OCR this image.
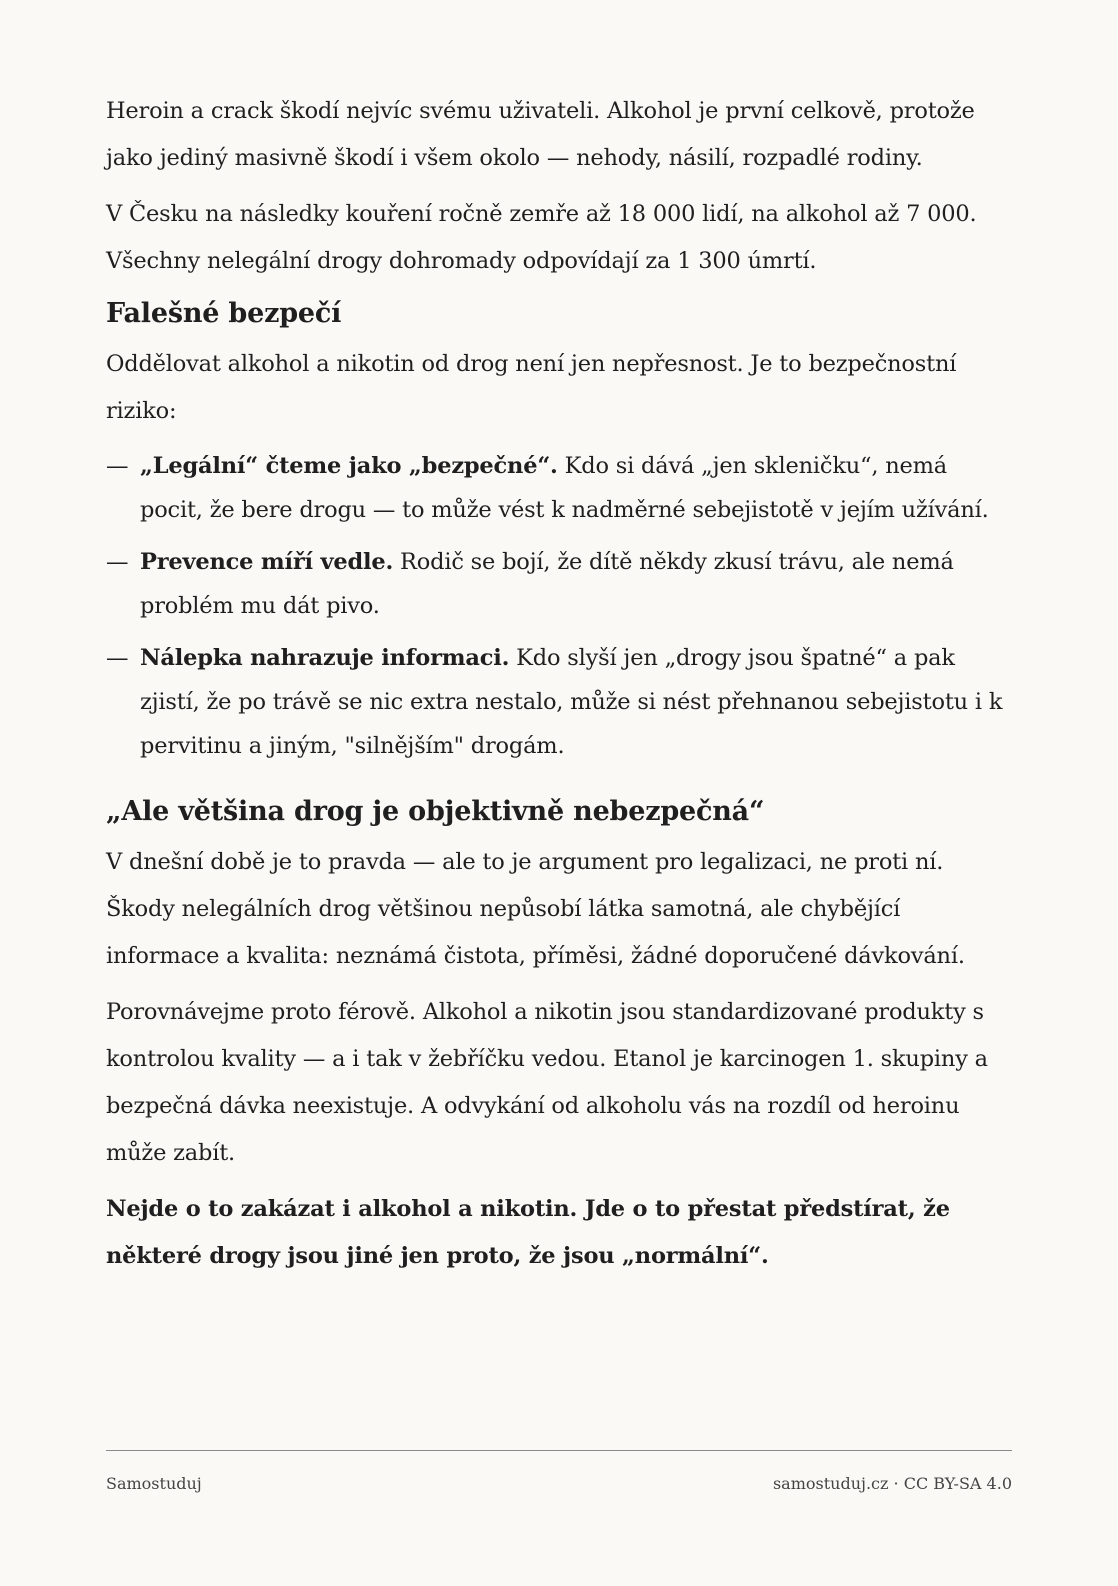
Heroin a crack škodí nejvíc svému uživateli. Alkohol je první celkově, protože jako jediný masivně škodí i všem okolo — nehody, násilí, rozpadlé rodiny.

V Česku na následky kouření ročně zemře až 18 000 lidí, na alkohol až 7 000. Všechny nelegální drogy dohromady odpovídají za 1 300 úmrtí.

Falešné bezpečí

Oddělovat alkohol a nikotin od drog není jen nepřesnost. Je to bezpečnostní riziko:

— „Legální“ čteme jako „bezpečné“. Kdo si dává „jen skleničku“, nemá pocit, že bere drogu — to může vést k nadměrné sebejistotě v jejím užívání.
— Prevence míří vedle. Rodič se bojí, že dítě někdy zkusí trávu, ale nemá problém mu dát pivo.
— Nálepka nahrazuje informaci. Kdo slyší jen „drogy jsou špatné“ a pak zjistí, že po trávě se nic extra nestalo, může si nést přehnanou sebejistotu i k pervitinu a jiným, "silnějším" drogám.
„Ale většina drog je objektivně nebezpečná“

V dnešní době je to pravda — ale to je argument pro legalizaci, ne proti ní. Škody nelegálních drog většinou nepůsobí látka samotná, ale chybějící informace a kvalita: neznámá čistota, příměsi, žádné doporučené dávkování.

Porovnávejme proto férově. Alkohol a nikotin jsou standardizované produkty s kontrolou kvality — a i tak v žebříčku vedou. Etanol je karcinogen 1. skupiny a bezpečná dávka neexistuje. A odvykání od alkoholu vás na rozdíl od heroinu může zabít.

Nejde o to zakázat i alkohol a nikotin. Jde o to přestat předstírat, že některé drogy jsou jiné jen proto, že jsou „normální“.

Samostuduj	samostuduj.cz · CC BY-SA 4.0
